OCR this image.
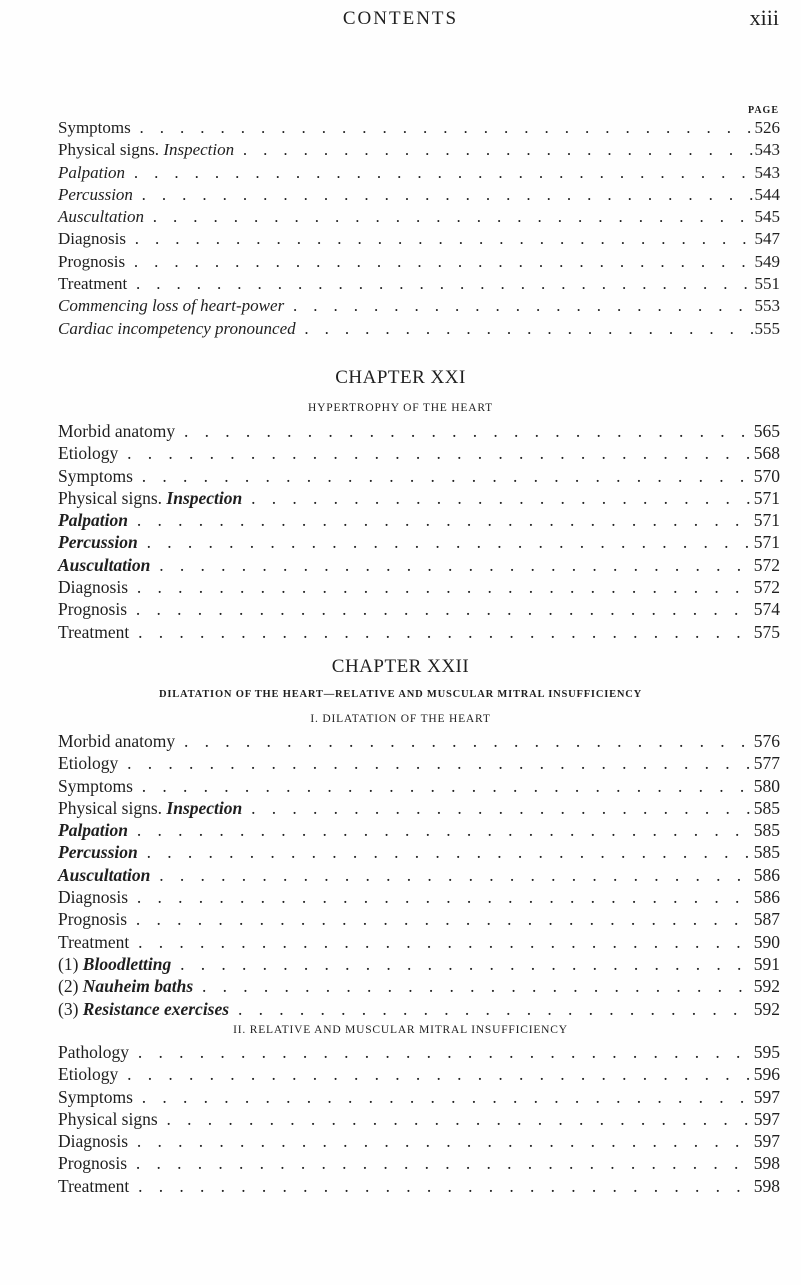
CONTENTS	xiii
PAGE
Symptoms . .	526
Physical signs. Inspection . .	543
Palpation . .	543
Percussion . .	544
Auscultation . .	545
Diagnosis . .	547
Prognosis . .	549
Treatment . .	551
Commencing loss of heart-power . .	553
Cardiac incompetency pronounced . .	555
CHAPTER XXI
HYPERTROPHY OF THE HEART
Morbid anatomy . .	565
Etiology . .	568
Symptoms . .	570
Physical signs. Inspection . .	571
Palpation . .	571
Percussion . .	571
Auscultation . .	572
Diagnosis . .	572
Prognosis . .	574
Treatment . .	575
CHAPTER XXII
DILATATION OF THE HEART—RELATIVE AND MUSCULAR MITRAL INSUFFICIENCY
I. DILATATION OF THE HEART
Morbid anatomy . .	576
Etiology . .	577
Symptoms . .	580
Physical signs. Inspection . .	585
Palpation . .	585
Percussion . .	585
Auscultation . .	586
Diagnosis . .	586
Prognosis . .	587
Treatment . .	590
(1) Bloodletting . .	591
(2) Nauheim baths . .	592
(3) Resistance exercises . .	592
II. RELATIVE AND MUSCULAR MITRAL INSUFFICIENCY
Pathology . .	595
Etiology . .	596
Symptoms . .	597
Physical signs . .	597
Diagnosis . .	597
Prognosis . .	598
Treatment . .	598
